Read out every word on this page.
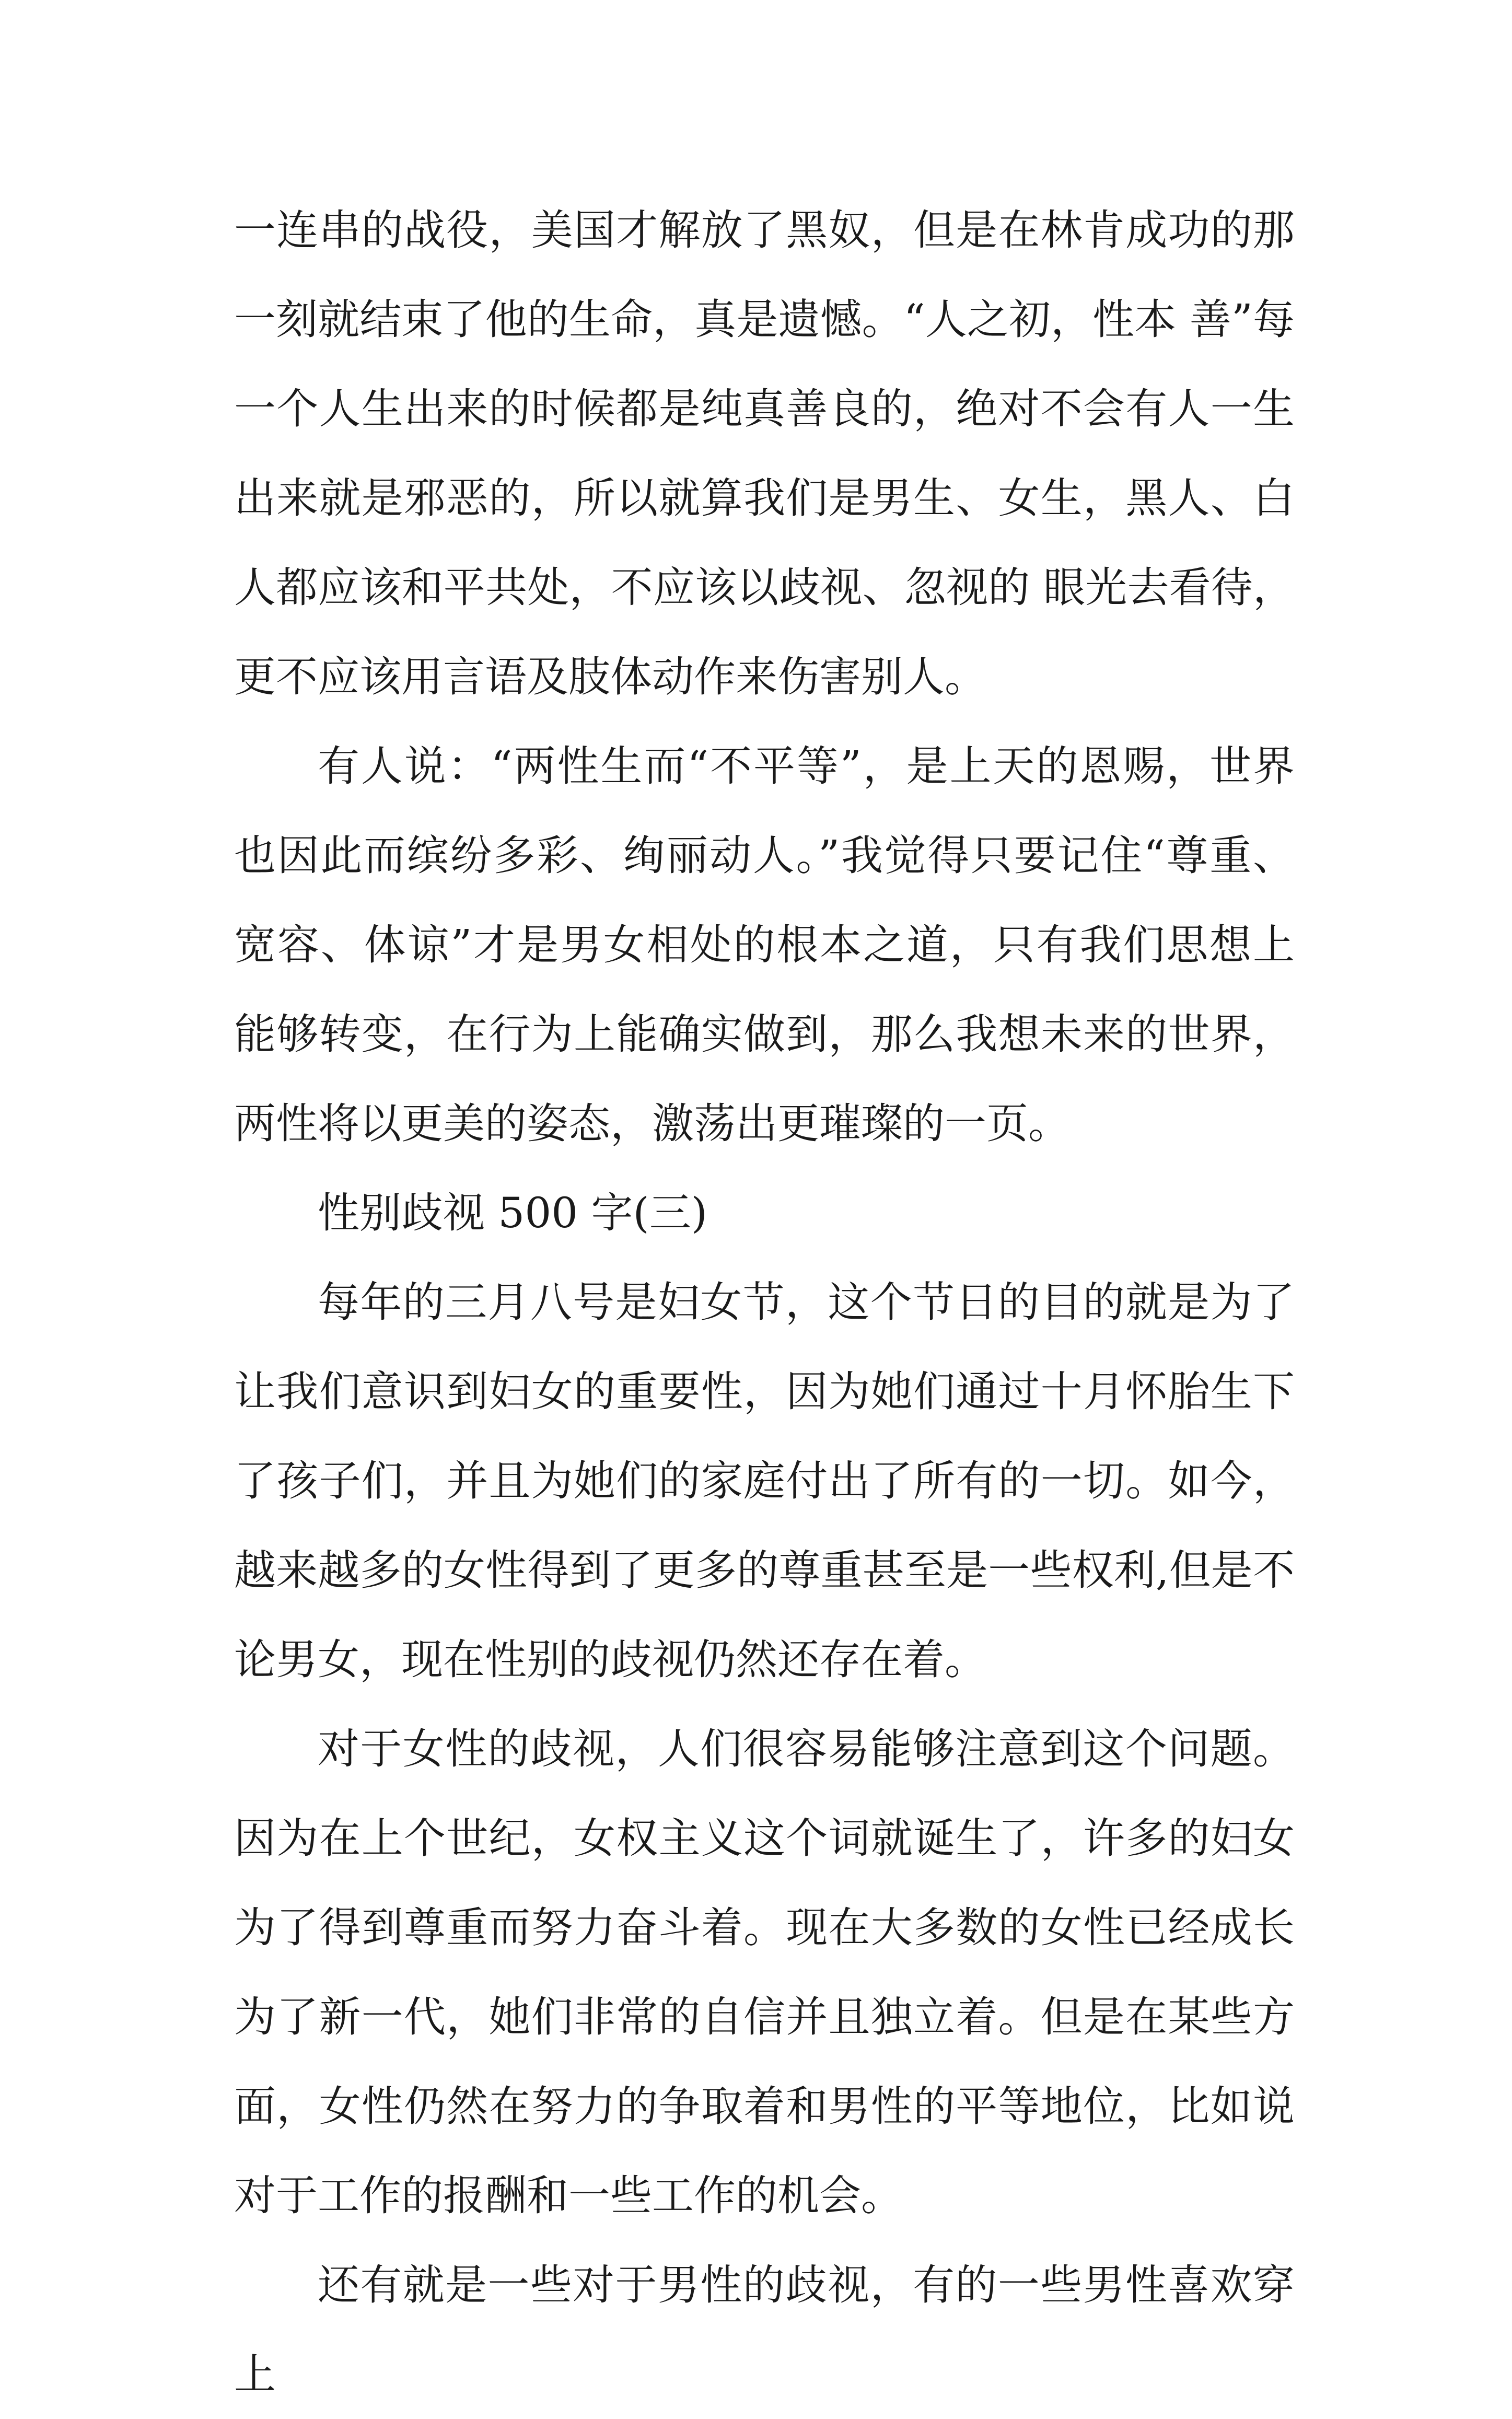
一连串的战役，美国才解放了黑奴，但是在林肯成功的那一刻就结束了他的生命，真是遗憾。“人之初，性本 善”每一个人生出来的时候都是纯真善良的，绝对不会有人一生出来就是邪恶的，所以就算我们是男生、女生，黑人、白人都应该和平共处，不应该以歧视、忽视的 眼光去看待，更不应该用言语及肢体动作来伤害别人。

有人说：“两性生而“不平等”，是上天的恩赐，世界也因此而缤纷多彩、绚丽动人。”我觉得只要记住“尊重、宽容、体谅”才是男女相处的根本之道，只有我们思想上能够转变，在行为上能确实做到，那么我想未来的世界，两性将以更美的姿态，激荡出更璀璨的一页。

性别歧视 500 字(三)

每年的三月八号是妇女节，这个节日的目的就是为了让我们意识到妇女的重要性，因为她们通过十月怀胎生下了孩子们，并且为她们的家庭付出了所有的一切。如今，越来越多的女性得到了更多的尊重甚至是一些权利,但是不论男女，现在性别的歧视仍然还存在着。

对于女性的歧视，人们很容易能够注意到这个问题。因为在上个世纪，女权主义这个词就诞生了，许多的妇女为了得到尊重而努力奋斗着。现在大多数的女性已经成长为了新一代，她们非常的自信并且独立着。但是在某些方面，女性仍然在努力的争取着和男性的平等地位，比如说对于工作的报酬和一些工作的机会。

还有就是一些对于男性的歧视，有的一些男性喜欢穿上
